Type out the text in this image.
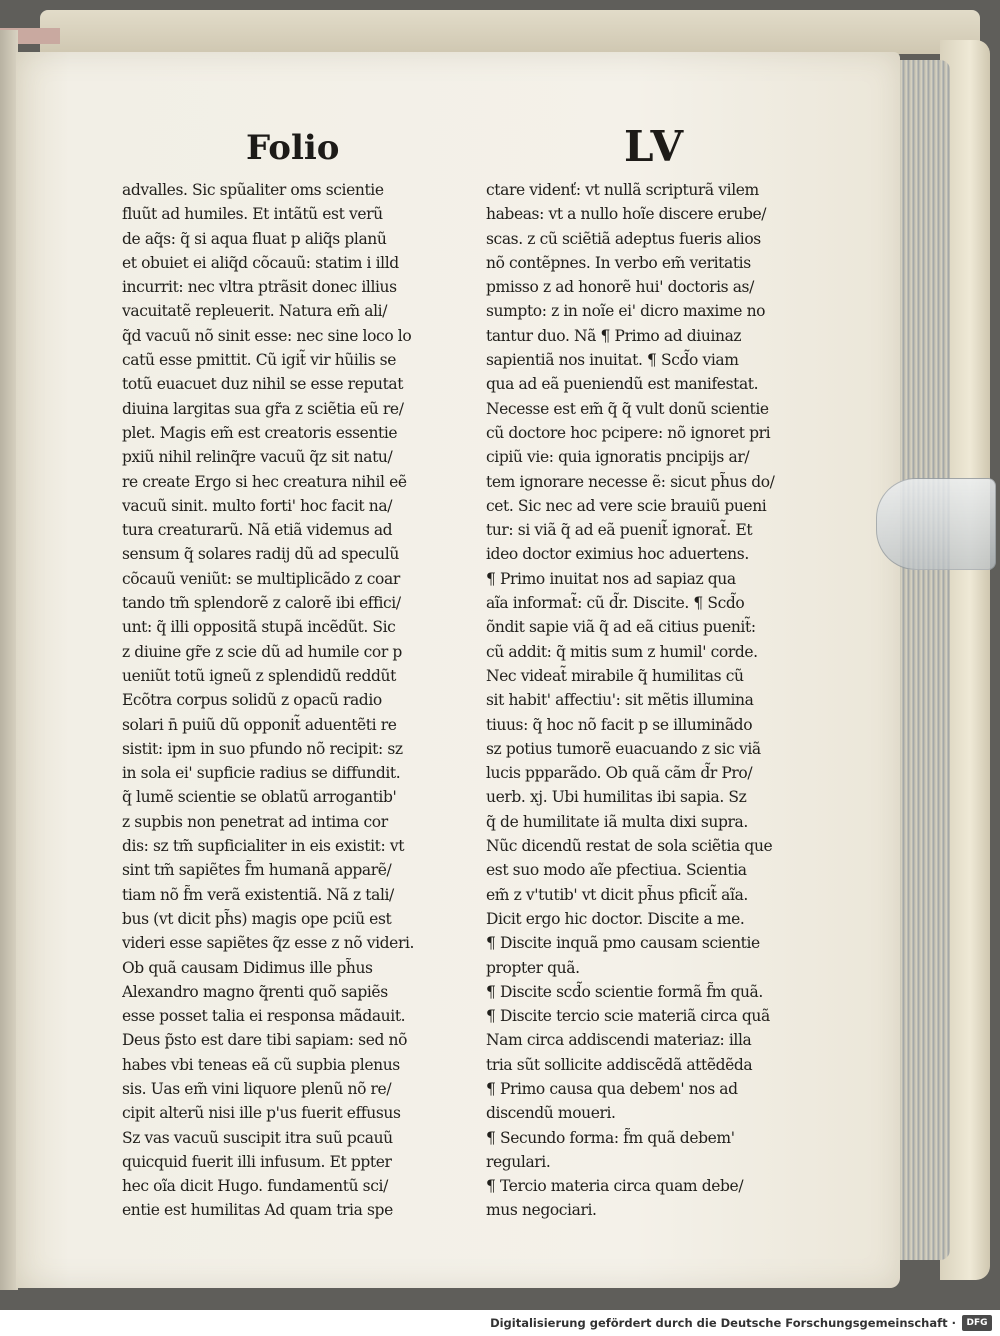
Folio	LV
advalles. Sic spũaliter oms scientie
fluũt ad humiles. Et intãtũ est verũ
de aq̃s: q̃ si aqua fluat p aliq̃s planũ
et obuiet ei aliq̃d cõcauũ: statim i illd
incurrit: nec vltra ptrãsit donec illius
vacuitatẽ repleuerit. Natura em̃ ali/
q̃d vacuũ nõ sinit esse: nec sine loco lo
catũ esse pmittit. Cũ igit̃ vir hũilis se
totũ euacuet duz nihil se esse reputat
diuina largitas sua gr̃a z sciẽtia eũ re/
plet. Magis em̃ est creatoris essentie
pxiũ nihil relinq̃re vacuũ q̃z sit natu/
re create Ergo si hec creatura nihil eẽ
vacuũ sinit. multo forti' hoc facit na/
tura creaturarũ. Nã etiã videmus ad
sensum q̃ solares radij dũ ad speculũ
cõcauũ veniũt: se multiplicãdo z coar
tando tm̃ splendorẽ z calorẽ ibi effici/
unt: q̃ illi oppositã stupã incẽdũt. Sic
z diuine gr̃e z scie dũ ad humile cor p
ueniũt totũ igneũ z splendidũ reddũt
Ecõtra corpus solidũ z opacũ radio
solari n̄ puiũ dũ opponit̃ aduentẽti re
sistit: ipm in suo pfundo nõ recipit: sz
in sola ei' supficie radius se diffundit.
q̃ lumẽ scientie se oblatũ arrogantib'
z supbis non penetrat ad intima cor
dis: sz tm̃ supficialiter in eis existit: vt
sint tm̃ sapiẽtes f̃m humanã apparẽ/
tiam nõ f̃m verã existentiã. Nã z tali/
bus (vt dicit ph̃s) magis ope pciũ est
videri esse sapiẽtes q̃z esse z nõ videri.
Ob quã causam Didimus ille ph̃us
Alexandro magno q̃renti quõ sapiẽs
esse posset talia ei responsa mãdauit.
Deus p̃sto est dare tibi sapiam: sed nõ
habes vbi teneas eã cũ supbia plenus
sis. Uas em̃ vini liquore plenũ nõ re/
cipit alterũ nisi ille p'us fuerit effusus
Sz vas vacuũ suscipit itra suũ pcauũ
quicquid fuerit illi infusum. Et ppter
hec oĩa dicit Hugo. fundamentũ sci/
entie est humilitas Ad quam tria spe
ctare videnť: vt nullã scripturã vilem
habeas: vt a nullo hoĩe discere erube/
scas. z cũ sciẽtiã adeptus fueris alios
nõ contẽpnes. In verbo em̃ veritatis
pmisso z ad honorẽ hui' doctoris as/
sumpto: z in noĩe ei' dicro maxime no
tantur duo. Nã ¶ Primo ad diuinaz
sapientiã nos inuitat. ¶ Scd̃o viam
qua ad eã pueniendũ est manifestat.
Necesse est em̃ q̃ q̃ vult donũ scientie
cũ doctore hoc pcipere: nõ ignoret pri
cipiũ vie: quia ignoratis pncipijs ar/
tem ignorare necesse ẽ: sicut ph̃us do/
cet. Sic nec ad vere scie brauiũ pueni
tur: si viã q̃ ad eã puenit̃ ignorat̃. Et
ideo doctor eximius hoc aduertens.
¶ Primo inuitat nos ad sapiaz qua
aĩa informat̃: cũ d̃r. Discite. ¶ Scd̃o
õndit sapie viã q̃ ad eã citius puenit̃:
cũ addit: q̃ mitis sum z humil' corde.
Nec videat̃ mirabile q̃ humilitas cũ
sit habit' affectiu': sit mẽtis illumina
tiuus: q̃ hoc nõ facit p se illuminãdo
sz potius tumorẽ euacuando z sic viã
lucis ppparãdo. Ob quã cãm d̃r Pro/
uerb. xj. Ubi humilitas ibi sapia. Sz
q̃ de humilitate iã multa dixi supra.
Nũc dicendũ restat de sola sciẽtia que
est suo modo aĩe pfectiua. Scientia
em̃ z v'tutib' vt dicit ph̃us pficit̃ aĩa.
Dicit ergo hic doctor. Discite a me.
¶ Discite inquã pmo causam scientie
propter quã.
¶ Discite scd̃o scientie formã f̃m quã.
¶ Discite tercio scie materiã circa quã
Nam circa addiscendi materiaz: illa
tria sũt sollicite addiscẽdã attẽdẽda
¶ Primo causa qua debem' nos ad
discendũ moueri.
¶ Secundo forma: f̃m quã debem'
regulari.
¶ Tercio materia circa quam debe/
mus negociari.
Digitalisierung gefördert durch die Deutsche Forschungsgemeinschaft ·	DFG
